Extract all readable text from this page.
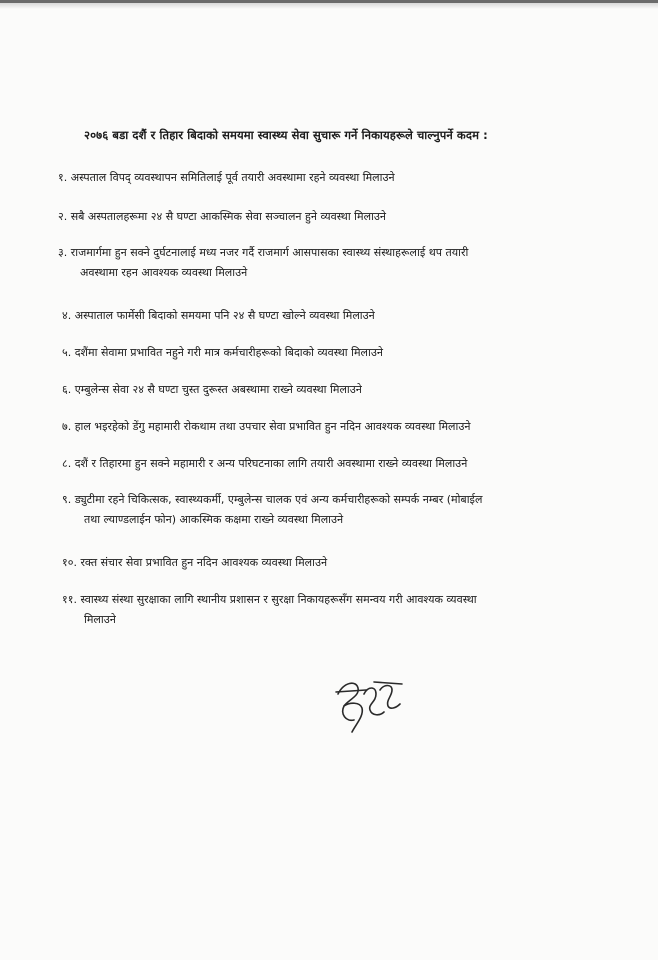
२०७६ बडा दशैं र तिहार बिदाको समयमा स्वास्थ्य सेवा सुचारू गर्ने निकायहरूले चाल्नुपर्ने कदम :
१. अस्पताल विपद् व्यवस्थापन समितिलाई पूर्व तयारी अवस्थामा रहने व्यवस्था मिलाउने
२. सबै अस्पतालहरूमा २४ सै घण्टा आकस्मिक सेवा सञ्चालन हुने व्यवस्था मिलाउने
३. राजमार्गमा हुन सक्ने दुर्घटनालाई मध्य नजर गर्दै राजमार्ग आसपासका स्वास्थ्य संस्थाहरूलाई थप तयारी
अवस्थामा रहन आवश्यक व्यवस्था मिलाउने
४. अस्पाताल फार्मेसी बिदाको समयमा पनि २४ सै घण्टा खोल्ने व्यवस्था मिलाउने
५. दशैंमा सेवामा प्रभावित नहुने गरी मात्र कर्मचारीहरूको बिदाको व्यवस्था मिलाउने
६. एम्बुलेन्स सेवा २४ सै घण्टा चुस्त दुरूस्त अबस्थामा राख्ने व्यवस्था मिलाउने
७. हाल भइरहेको डेंगु महामारी रोकथाम तथा उपचार सेवा प्रभावित हुन नदिन आवश्यक व्यवस्था मिलाउने
८. दशैं र तिहारमा हुन सक्ने महामारी र अन्य परिघटनाका लागि तयारी अवस्थामा राख्ने व्यवस्था मिलाउने
९. ड्युटीमा रहने चिकित्सक, स्वास्थ्यकर्मी, एम्बुलेन्स चालक एवं अन्य कर्मचारीहरूको सम्पर्क नम्बर (मोबाईल
तथा ल्याण्डलाईन फोन) आकस्मिक कक्षमा राख्ने व्यवस्था मिलाउने
१०. रक्त संचार सेवा प्रभावित हुन नदिन आवश्यक व्यवस्था मिलाउने
११. स्वास्थ्य संस्था सुरक्षाका लागि स्थानीय प्रशासन र सुरक्षा निकायहरूसँग समन्वय गरी आवश्यक व्यवस्था
मिलाउने
